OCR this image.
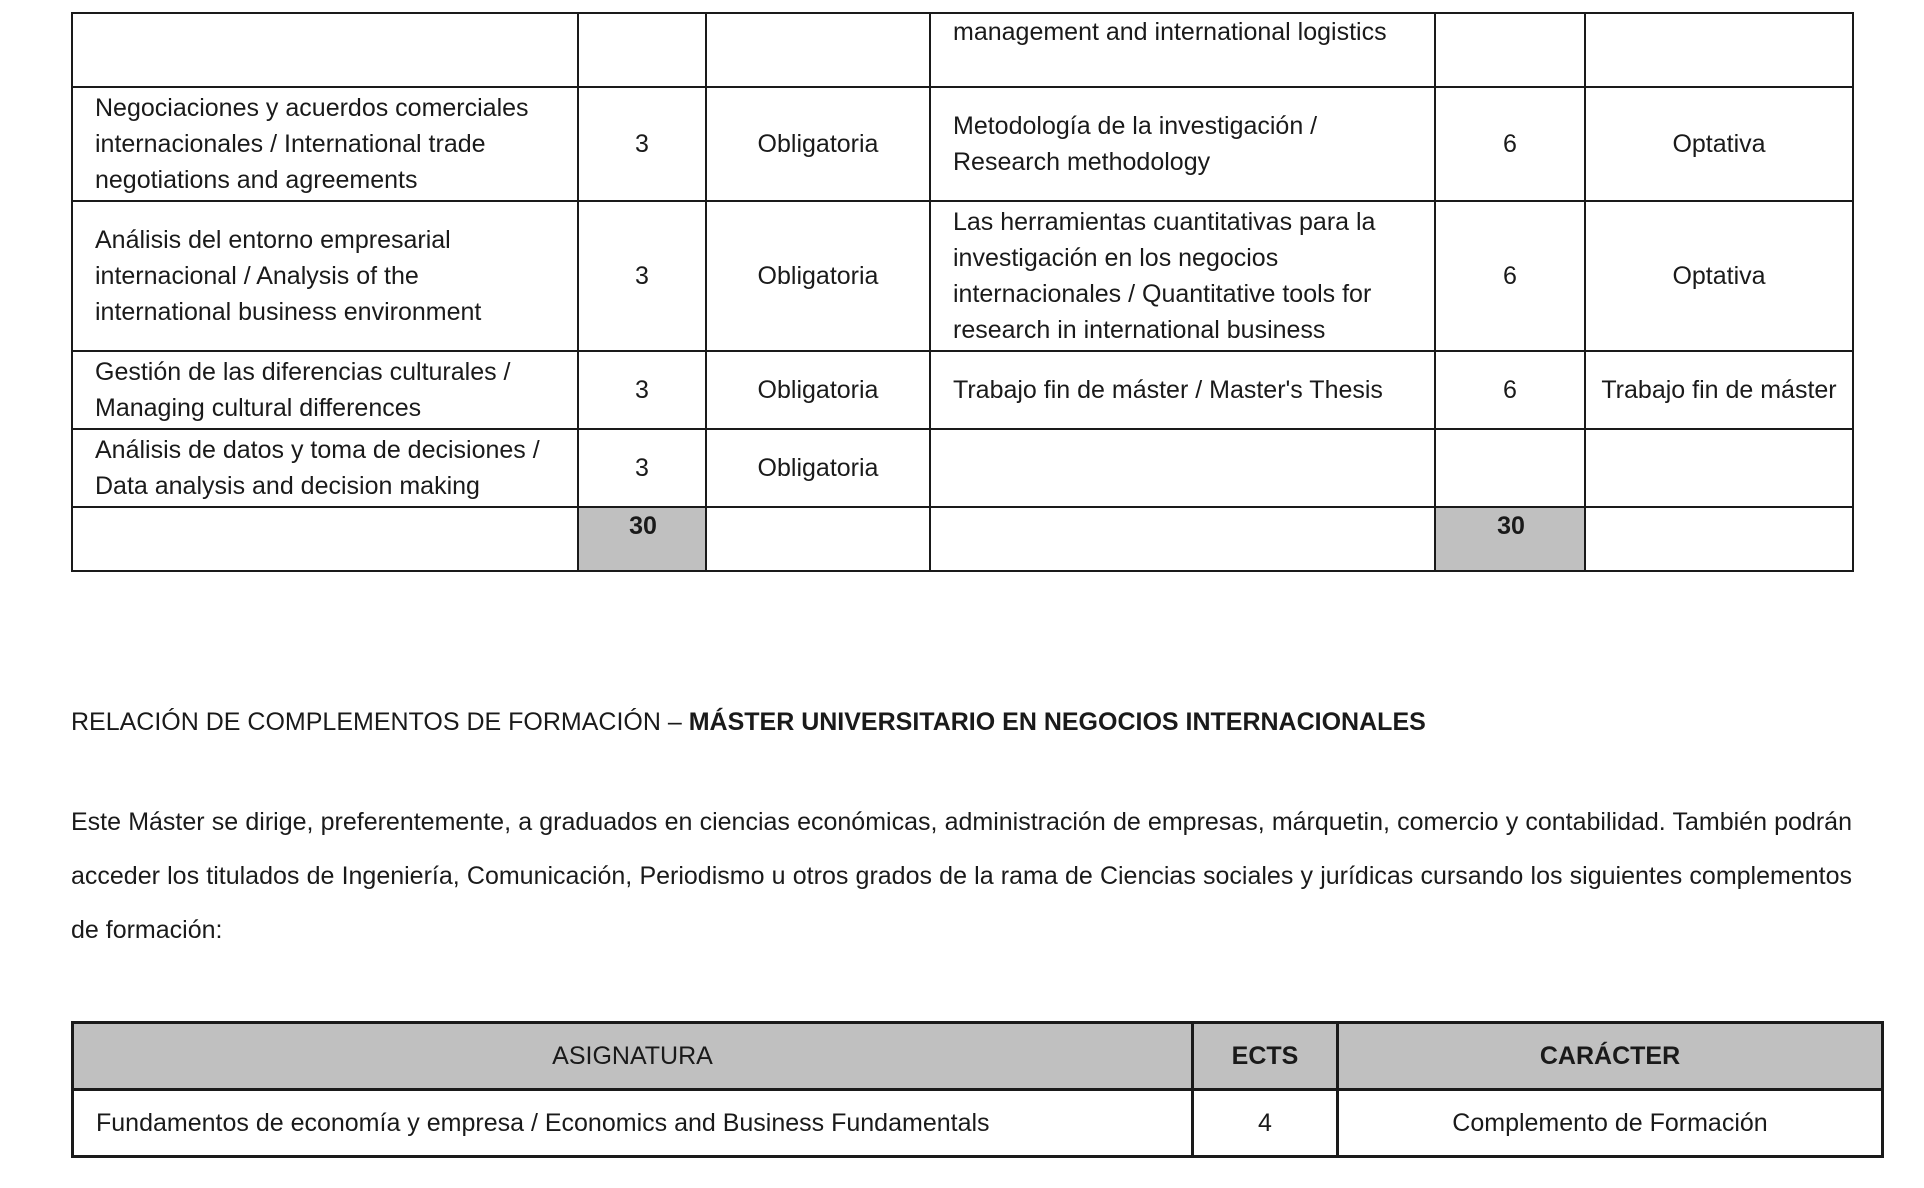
			management and international logistics		
Negociaciones y acuerdos comerciales internacionales / International trade negotiations and agreements	3	Obligatoria	Metodología de la investigación / Research methodology	6	Optativa
Análisis del entorno empresarial internacional / Analysis of the international business environment	3	Obligatoria	Las herramientas cuantitativas para la investigación en los negocios internacionales / Quantitative tools for research in international business	6	Optativa
Gestión de las diferencias culturales / Managing cultural differences	3	Obligatoria	Trabajo fin de máster / Master's Thesis	6	Trabajo fin de máster
Análisis de datos y toma de decisiones / Data analysis and decision making	3	Obligatoria			
	30			30	
RELACIÓN DE COMPLEMENTOS DE FORMACIÓN – MÁSTER UNIVERSITARIO EN NEGOCIOS INTERNACIONALES

Este Máster se dirige, preferentemente, a graduados en ciencias económicas, administración de empresas, márquetin, comercio y contabilidad. También podrán acceder los titulados de Ingeniería, Comunicación, Periodismo u otros grados de la rama de Ciencias sociales y jurídicas cursando los siguientes complementos de formación:

ASIGNATURA	ECTS	CARÁCTER
Fundamentos de economía y empresa / Economics and Business Fundamentals	4	Complemento de Formación
